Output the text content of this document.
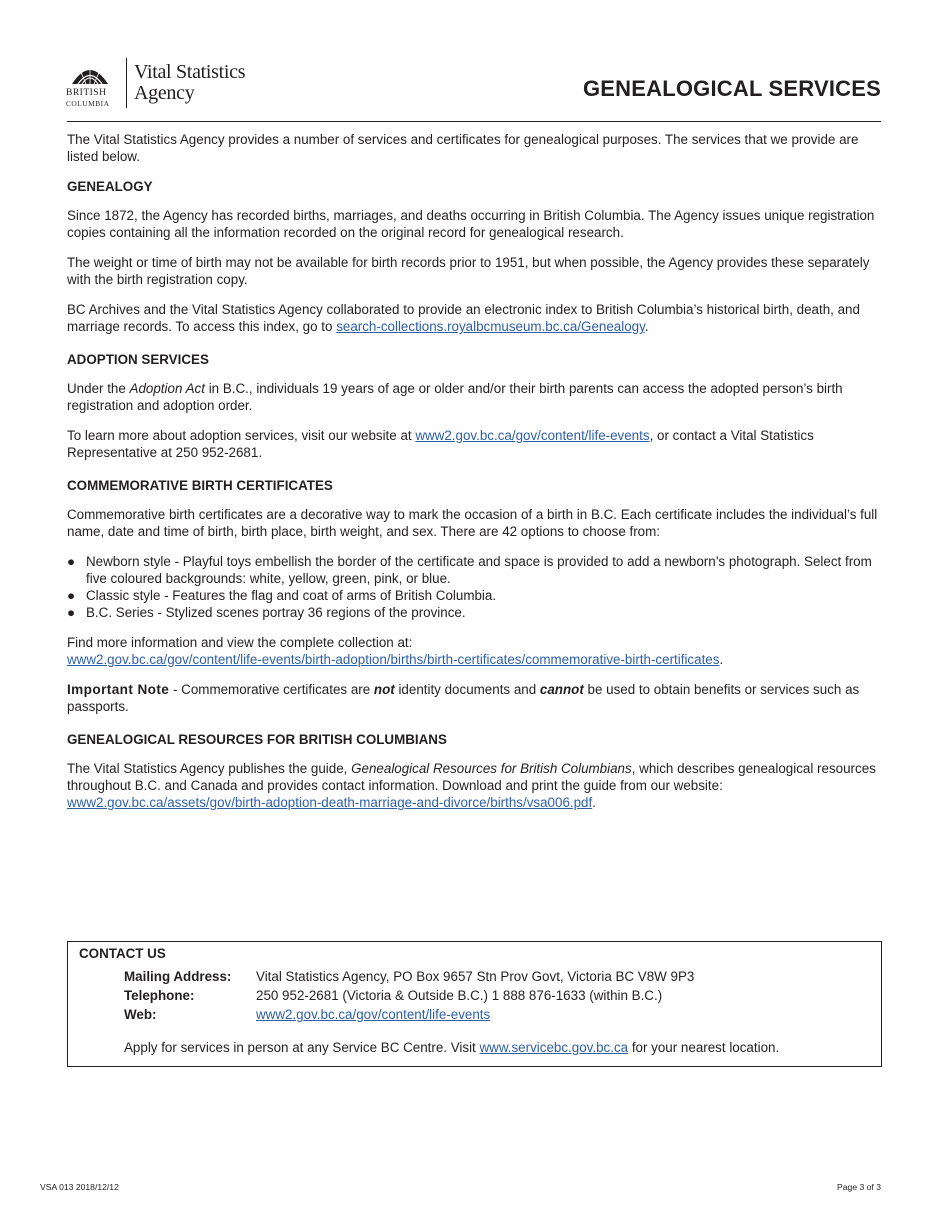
BRITISH
COLUMBIA
Vital Statistics
Agency	GENEALOGICAL SERVICES

The Vital Statistics Agency provides a number of services and certificates for genealogical purposes. The services that we provide are listed below.

GENEALOGY

Since 1872, the Agency has recorded births, marriages, and deaths occurring in British Columbia. The Agency issues unique registration copies containing all the information recorded on the original record for genealogical research.

The weight or time of birth may not be available for birth records prior to 1951, but when possible, the Agency provides these separately with the birth registration copy.

BC Archives and the Vital Statistics Agency collaborated to provide an electronic index to British Columbia’s historical birth, death, and marriage records. To access this index, go to search-collections.royalbcmuseum.bc.ca/Genealogy.

ADOPTION SERVICES

Under the Adoption Act in B.C., individuals 19 years of age or older and/or their birth parents can access the adopted person’s birth registration and adoption order.

To learn more about adoption services, visit our website at www2.gov.bc.ca/gov/content/life-events, or contact a Vital Statistics Representative at 250 952-2681.

COMMEMORATIVE BIRTH CERTIFICATES

Commemorative birth certificates are a decorative way to mark the occasion of a birth in B.C. Each certificate includes the individual’s full name, date and time of birth, birth place, birth weight, and sex. There are 42 options to choose from:

● Newborn style - Playful toys embellish the border of the certificate and space is provided to add a newborn’s photograph. Select from five coloured backgrounds: white, yellow, green, pink, or blue.
● Classic style - Features the flag and coat of arms of British Columbia.
● B.C. Series - Stylized scenes portray 36 regions of the province.

Find more information and view the complete collection at:
www2.gov.bc.ca/gov/content/life-events/birth-adoption/births/birth-certificates/commemorative-birth-certificates.

Important Note - Commemorative certificates are not identity documents and cannot be used to obtain benefits or services such as passports.

GENEALOGICAL RESOURCES FOR BRITISH COLUMBIANS

The Vital Statistics Agency publishes the guide, Genealogical Resources for British Columbians, which describes genealogical resources throughout B.C. and Canada and provides contact information. Download and print the guide from our website:
www2.gov.bc.ca/assets/gov/birth-adoption-death-marriage-and-divorce/births/vsa006.pdf.

CONTACT US
Mailing Address: Vital Statistics Agency, PO Box 9657 Stn Prov Govt, Victoria BC V8W 9P3
Telephone:	250 952-2681 (Victoria & Outside B.C.) 1 888 876-1633 (within B.C.)
Web:	www2.gov.bc.ca/gov/content/life-events
Apply for services in person at any Service BC Centre. Visit www.servicebc.gov.bc.ca for your nearest location.
VSA 013 2018/12/12	Page 3 of 3
